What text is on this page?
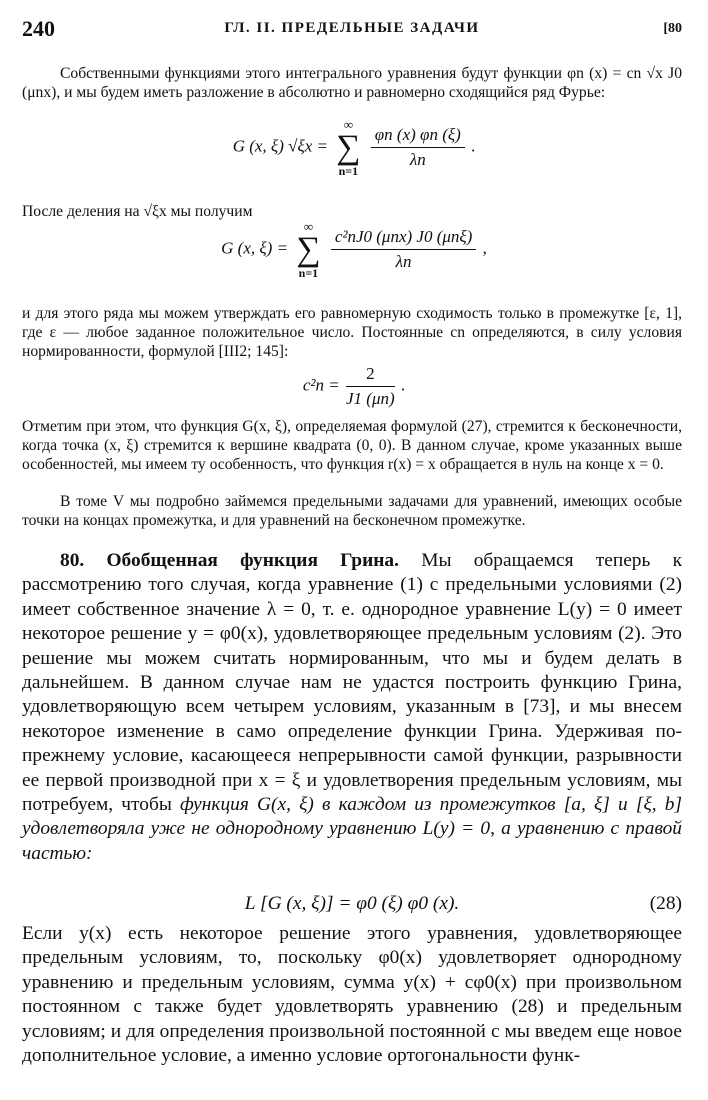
240	ГЛ. II. ПРЕДЕЛЬНЫЕ ЗАДАЧИ	[80

Собственными функциями этого интегрального уравнения будут функции φn (x) = cn √x J0 (μnx), и мы будем иметь разложение в абсолютно и равномерно сходящийся ряд Фурье:

G (x, ξ) √ξx =
∞
∑
n=1

$\frac{\varphi n (x) \varphi n (\xi)}{\lambda n}$ .

После деления на √ξx мы получим

G (x, ξ) =
∞
∑
n=1

$\frac{\text{c²nJ0 (μnx) J0 (μnξ)}}{\lambda n}$ ,

и для этого ряда мы можем утверждать его равномерную сходимость только в промежутке [ε, 1], где ε — любое заданное положительное число. Постоянные cn определяются, в силу условия нормированности, формулой [III2; 145]:

$c^2n = \frac{2}{J1 (\mu n)}$ .

Отметим при этом, что функция G(x, ξ), определяемая формулой (27), стремится к бесконечности, когда точка (x, ξ) стремится к вершине квадрата (0, 0). В данном случае, кроме указанных выше особенностей, мы имеем ту особенность, что функция r(x) = x обращается в нуль на конце x = 0.

В томе V мы подробно займемся предельными задачами для уравнений, имеющих особые точки на концах промежутка, и для уравнений на бесконечном промежутке.

80. Обобщенная функция Грина. Мы обращаемся теперь к рассмотрению того случая, когда уравнение (1) с предельными условиями (2) имеет собственное значение λ = 0, т. е. однородное уравнение L(y) = 0 имеет некоторое решение y = φ0(x), удовлетворяющее предельным условиям (2). Это решение мы можем считать нормированным, что мы и будем делать в дальнейшем. В данном случае нам не удастся построить функцию Грина, удовлетворяющую всем четырем условиям, указанным в [73], и мы внесем некоторое изменение в само определение функции Грина. Удерживая по-прежнему условие, касающееся непрерывности самой функции, разрывности ее первой производной при x = ξ и удовлетворения предельным условиям, мы потребуем, чтобы функция G(x, ξ) в каждом из промежутков [a, ξ] и [ξ, b] удовлетворяла уже не однородному уравнению L(y) = 0, а уравнению с правой частью:

L [G (x, ξ)] = φ0 (ξ) φ0 (x).	(28)

Если y(x) есть некоторое решение этого уравнения, удовлетворяющее предельным условиям, то, поскольку φ0(x) удовлетворяет однородному уравнению и предельным условиям, сумма y(x) + cφ0(x) при произвольном постоянном c также будет удовлетворять уравнению (28) и предельным условиям; и для определения произвольной постоянной c мы введем еще новое дополнительное условие, а именно условие ортогональности функ-
